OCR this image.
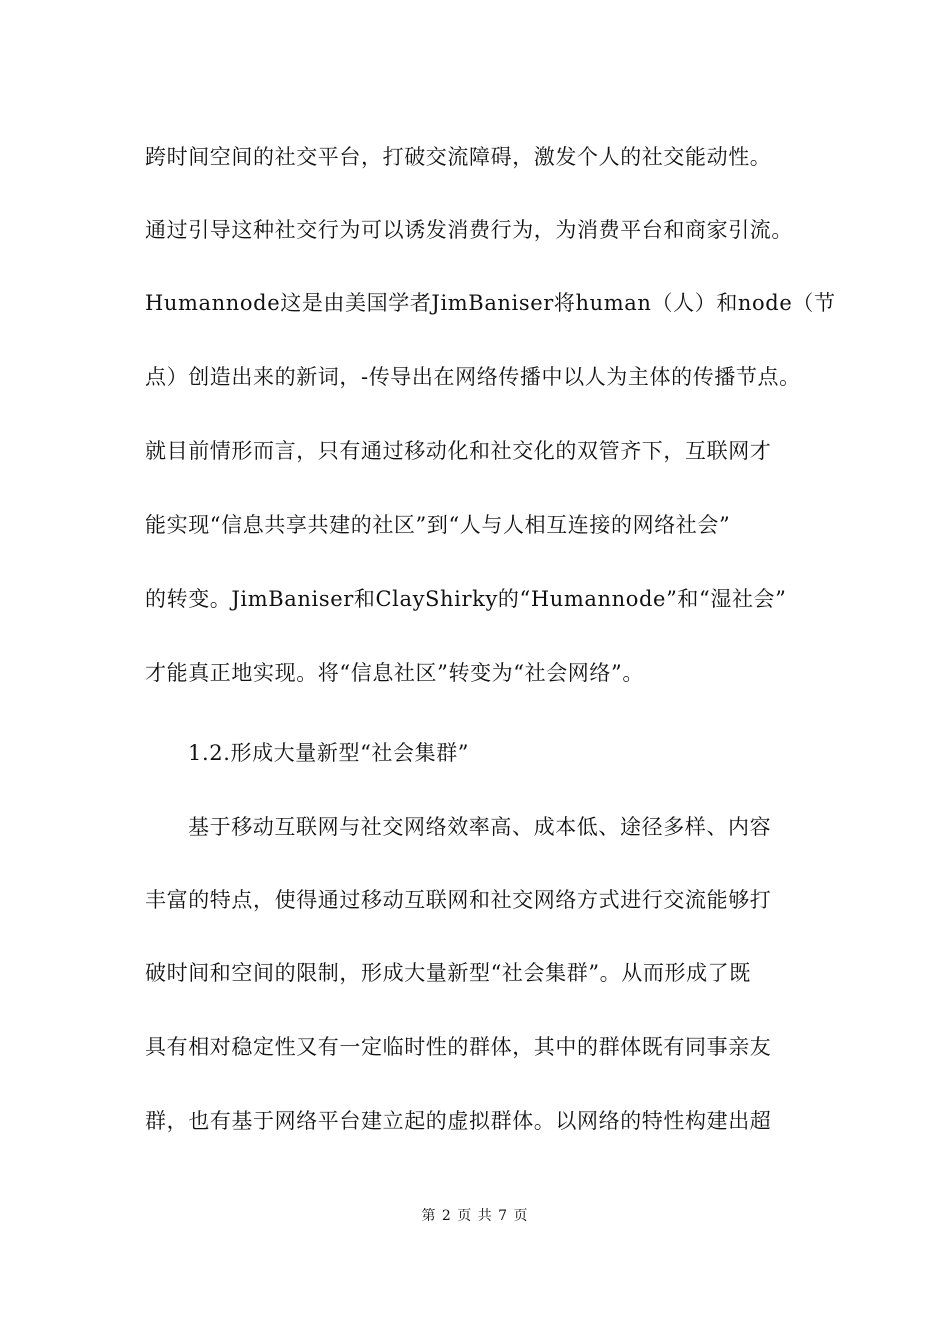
跨时间空间的社交平台，打破交流障碍，激发个人的社交能动性。
通过引导这种社交行为可以诱发消费行为，为消费平台和商家引流。
Humannode这是由美国学者JimBaniser将human（人）和node（节
点）创造出来的新词，-传导出在网络传播中以人为主体的传播节点。
就目前情形而言，只有通过移动化和社交化的双管齐下，互联网才
能实现“信息共享共建的社区”到“人与人相互连接的网络社会”
的转变。JimBaniser和ClayShirky的“Humannode”和“湿社会”
才能真正地实现。将“信息社区”转变为“社会网络”。
1.2.形成大量新型“社会集群”
基于移动互联网与社交网络效率高、成本低、途径多样、内容
丰富的特点，使得通过移动互联网和社交网络方式进行交流能够打
破时间和空间的限制，形成大量新型“社会集群”。从而形成了既
具有相对稳定性又有一定临时性的群体，其中的群体既有同事亲友
群，也有基于网络平台建立起的虚拟群体。以网络的特性构建出超
第 2 页 共 7 页
